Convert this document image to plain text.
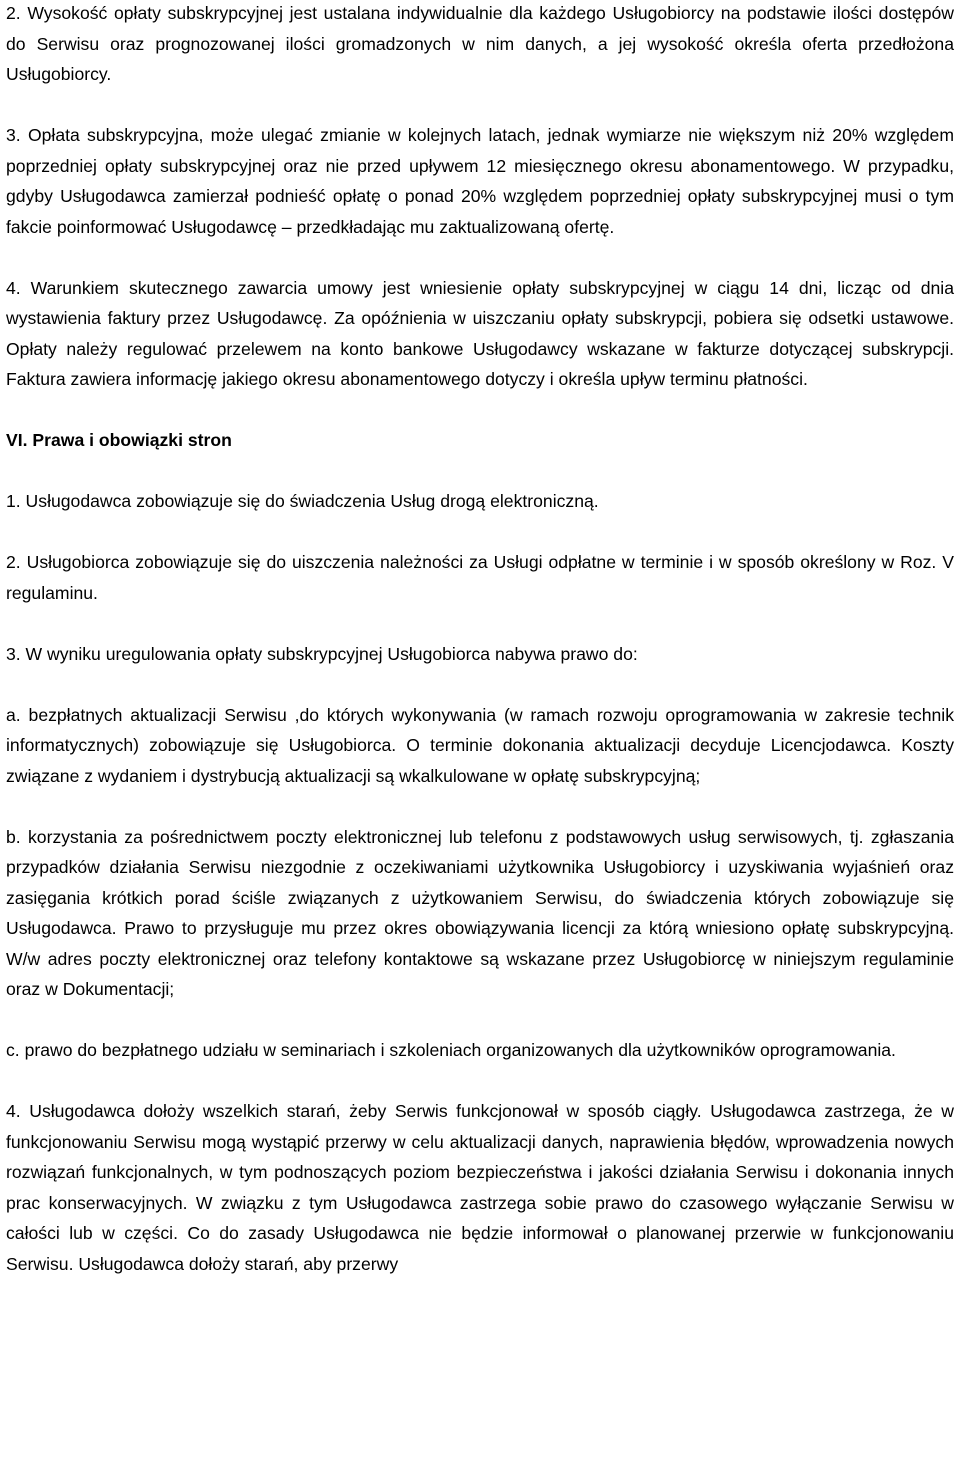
2. Wysokość opłaty subskrypcyjnej jest ustalana indywidualnie dla każdego Usługobiorcy na podstawie ilości dostępów do Serwisu oraz prognozowanej ilości gromadzonych w nim danych, a jej wysokość określa oferta przedłożona Usługobiorcy.

3. Opłata subskrypcyjna, może ulegać zmianie w kolejnych latach, jednak wymiarze nie większym niż 20% względem poprzedniej opłaty subskrypcyjnej oraz nie przed upływem 12 miesięcznego okresu abonamentowego. W przypadku, gdyby Usługodawca zamierzał podnieść opłatę o ponad 20% względem poprzedniej opłaty subskrypcyjnej musi o tym fakcie poinformować Usługodawcę – przedkładając mu zaktualizowaną ofertę.

4. Warunkiem skutecznego zawarcia umowy jest wniesienie opłaty subskrypcyjnej w ciągu 14 dni, licząc od dnia wystawienia faktury przez Usługodawcę. Za opóźnienia w uiszczaniu opłaty subskrypcji, pobiera się odsetki ustawowe. Opłaty należy regulować przelewem na konto bankowe Usługodawcy wskazane w fakturze dotyczącej subskrypcji. Faktura zawiera informację jakiego okresu abonamentowego dotyczy i określa upływ terminu płatności.

VI. Prawa i obowiązki stron

1. Usługodawca zobowiązuje się do świadczenia Usług drogą elektroniczną.

2. Usługobiorca zobowiązuje się do uiszczenia należności za Usługi odpłatne w terminie i w sposób określony w Roz. V regulaminu.

3. W wyniku uregulowania opłaty subskrypcyjnej Usługobiorca nabywa prawo do:

a. bezpłatnych aktualizacji Serwisu ,do których wykonywania (w ramach rozwoju oprogramowania w zakresie technik informatycznych) zobowiązuje się Usługobiorca. O terminie dokonania aktualizacji decyduje Licencjodawca. Koszty związane z wydaniem i dystrybucją aktualizacji są wkalkulowane w opłatę subskrypcyjną;

b. korzystania za pośrednictwem poczty elektronicznej lub telefonu z podstawowych usług serwisowych, tj. zgłaszania przypadków działania Serwisu niezgodnie z oczekiwaniami użytkownika Usługobiorcy i uzyskiwania wyjaśnień oraz zasięgania krótkich porad ściśle związanych z użytkowaniem Serwisu, do świadczenia których zobowiązuje się Usługodawca. Prawo to przysługuje mu przez okres obowiązywania licencji za którą wniesiono opłatę subskrypcyjną. W/w adres poczty elektronicznej oraz telefony kontaktowe są wskazane przez Usługobiorcę w niniejszym regulaminie oraz w Dokumentacji;

c. prawo do bezpłatnego udziału w seminariach i szkoleniach organizowanych dla użytkowników oprogramowania.

4. Usługodawca dołoży wszelkich starań, żeby Serwis funkcjonował w sposób ciągły. Usługodawca zastrzega, że w funkcjonowaniu Serwisu mogą wystąpić przerwy w celu aktualizacji danych, naprawienia błędów, wprowadzenia nowych rozwiązań funkcjonalnych, w tym podnoszących poziom bezpieczeństwa i jakości działania Serwisu i dokonania innych prac konserwacyjnych. W związku z tym Usługodawca zastrzega sobie prawo do czasowego wyłączanie Serwisu w całości lub w części. Co do zasady Usługodawca nie będzie informował o planowanej przerwie w funkcjonowaniu Serwisu. Usługodawca dołoży starań, aby przerwy
